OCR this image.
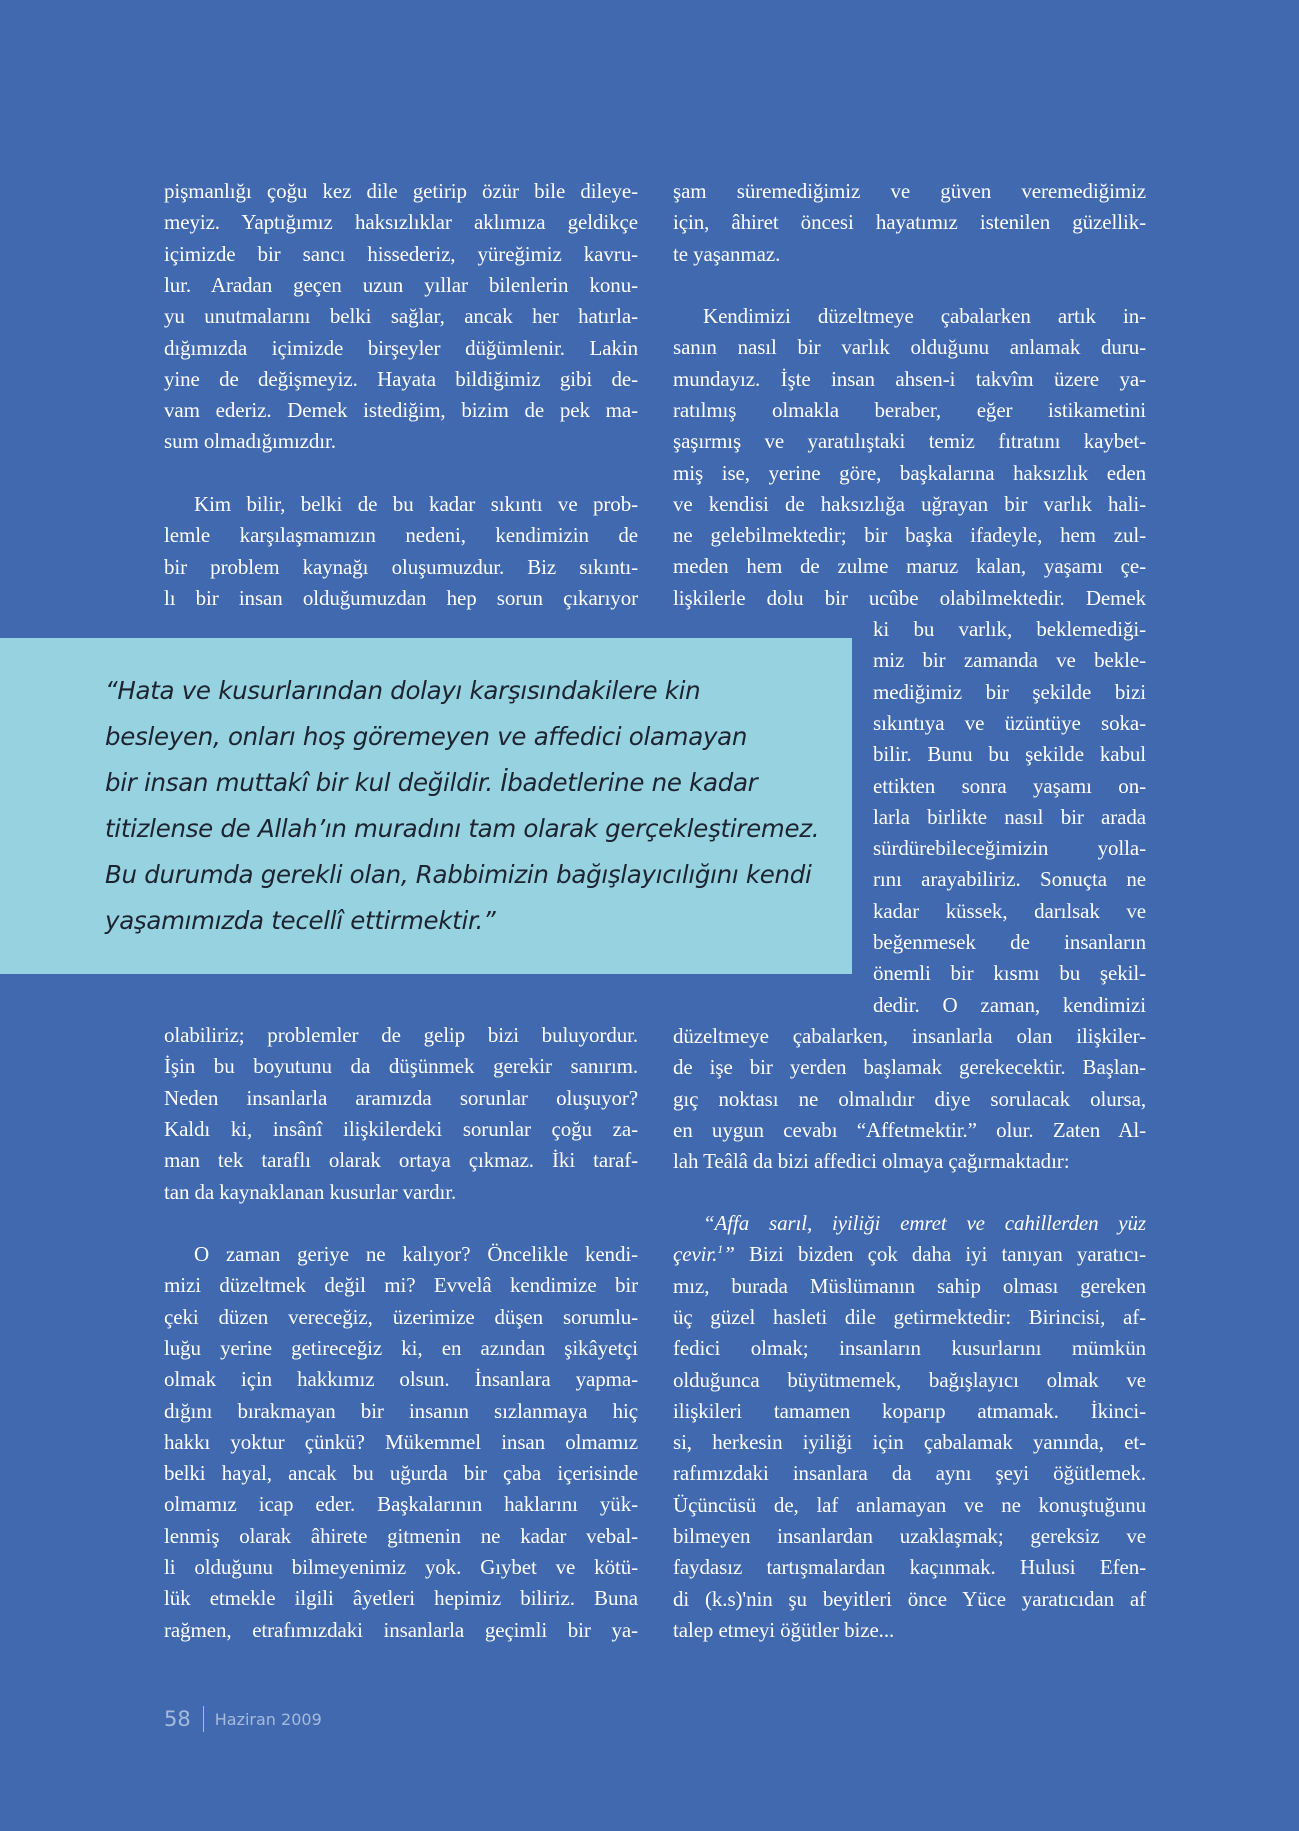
pişmanlığı çoğu kez dile getirip özür bile dileye-
meyiz. Yaptığımız haksızlıklar aklımıza geldikçe
içimizde bir sancı hissederiz, yüreğimiz kavru-
lur. Aradan geçen uzun yıllar bilenlerin konu-
yu unutmalarını belki sağlar, ancak her hatırla-
dığımızda içimizde birşeyler düğümlenir. Lakin
yine de değişmeyiz. Hayata bildiğimiz gibi de-
vam ederiz. Demek istediğim, bizim de pek ma-
sum olmadığımızdır.
Kim bilir, belki de bu kadar sıkıntı ve prob-
lemle karşılaşmamızın nedeni, kendimizin de
bir problem kaynağı oluşumuzdur. Biz sıkıntı-
lı bir insan olduğumuzdan hep sorun çıkarıyor
olabiliriz; problemler de gelip bizi buluyordur.
İşin bu boyutunu da düşünmek gerekir sanırım.
Neden insanlarla aramızda sorunlar oluşuyor?
Kaldı ki, insânî ilişkilerdeki sorunlar çoğu za-
man tek taraflı olarak ortaya çıkmaz. İki taraf-
tan da kaynaklanan kusurlar vardır.
O zaman geriye ne kalıyor? Öncelikle kendi-
mizi düzeltmek değil mi? Evvelâ kendimize bir
çeki düzen vereceğiz, üzerimize düşen sorumlu-
luğu yerine getireceğiz ki, en azından şikâyetçi
olmak için hakkımız olsun. İnsanlara yapma-
dığını bırakmayan bir insanın sızlanmaya hiç
hakkı yoktur çünkü? Mükemmel insan olmamız
belki hayal, ancak bu uğurda bir çaba içerisinde
olmamız icap eder. Başkalarının haklarını yük-
lenmiş olarak âhirete gitmenin ne kadar vebal-
li olduğunu bilmeyenimiz yok. Gıybet ve kötü-
lük etmekle ilgili âyetleri hepimiz biliriz. Buna
rağmen, etrafımızdaki insanlarla geçimli bir ya-
şam süremediğimiz ve güven veremediğimiz
için, âhiret öncesi hayatımız istenilen güzellik-
te yaşanmaz.
Kendimizi düzeltmeye çabalarken artık in-
sanın nasıl bir varlık olduğunu anlamak duru-
mundayız. İşte insan ahsen-i takvîm üzere ya-
ratılmış olmakla beraber, eğer istikametini
şaşırmış ve yaratılıştaki temiz fıtratını kaybet-
miş ise, yerine göre, başkalarına haksızlık eden
ve kendisi de haksızlığa uğrayan bir varlık hali-
ne gelebilmektedir; bir başka ifadeyle, hem zul-
meden hem de zulme maruz kalan, yaşamı çe-
lişkilerle dolu bir ucûbe olabilmektedir. Demek
ki bu varlık, beklemediği-
miz bir zamanda ve bekle-
mediğimiz bir şekilde bizi
sıkıntıya ve üzüntüye soka-
bilir. Bunu bu şekilde kabul
ettikten sonra yaşamı on-
larla birlikte nasıl bir arada
sürdürebileceğimizin yolla-
rını arayabiliriz. Sonuçta ne
kadar küssek, darılsak ve
beğenmesek de insanların
önemli bir kısmı bu şekil-
dedir. O zaman, kendimizi
düzeltmeye çabalarken, insanlarla olan ilişkiler-
de işe bir yerden başlamak gerekecektir. Başlan-
gıç noktası ne olmalıdır diye sorulacak olursa,
en uygun cevabı “Affetmektir.” olur. Zaten Al-
lah Teâlâ da bizi affedici olmaya çağırmaktadır:
“Affa sarıl, iyiliği emret ve cahillerden yüz
çevir.$^1$” Bizi bizden çok daha iyi tanıyan yaratıcı-
mız, burada Müslümanın sahip olması gereken
üç güzel hasleti dile getirmektedir: Birincisi, af-
fedici olmak; insanların kusurlarını mümkün
olduğunca büyütmemek, bağışlayıcı olmak ve
ilişkileri tamamen koparıp atmamak. İkinci-
si, herkesin iyiliği için çabalamak yanında, et-
rafımızdaki insanlara da aynı şeyi öğütlemek.
Üçüncüsü de, laf anlamayan ve ne konuştuğunu
bilmeyen insanlardan uzaklaşmak; gereksiz ve
faydasız tartışmalardan kaçınmak. Hulusi Efen-
di (k.s)'nin şu beyitleri önce Yüce yaratıcıdan af
talep etmeyi öğütler bize...
“Hata ve kusurlarından dolayı karşısındakilere kin
besleyen, onları hoş göremeyen ve affedici olamayan
bir insan muttakî bir kul değildir. İbadetlerine ne kadar
titizlense de Allah’ın muradını tam olarak gerçekleştiremez.
Bu durumda gerekli olan, Rabbimizin bağışlayıcılığını kendi
yaşamımızda tecellî ettirmektir.”
58 Haziran 2009
